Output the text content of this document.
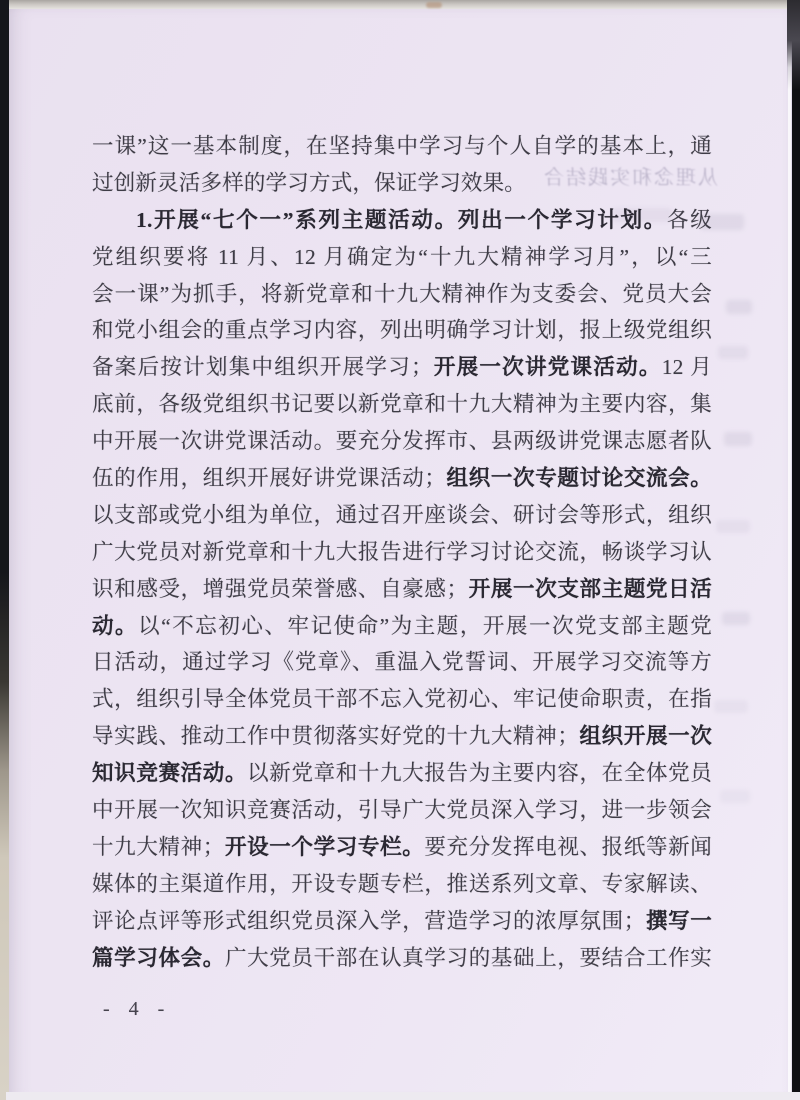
从理念和实践结合
一课”这一基本制度，在坚持集中学习与个人自学的基本上，通
过创新灵活多样的学习方式，保证学习效果。
1.开展“七个一”系列主题活动。列出一个学习计划。各级
党组织要将 11 月、12 月确定为“十九大精神学习月”，以“三
会一课”为抓手，将新党章和十九大精神作为支委会、党员大会
和党小组会的重点学习内容，列出明确学习计划，报上级党组织
备案后按计划集中组织开展学习；开展一次讲党课活动。12 月
底前，各级党组织书记要以新党章和十九大精神为主要内容，集
中开展一次讲党课活动。要充分发挥市、县两级讲党课志愿者队
伍的作用，组织开展好讲党课活动；组织一次专题讨论交流会。
以支部或党小组为单位，通过召开座谈会、研讨会等形式，组织
广大党员对新党章和十九大报告进行学习讨论交流，畅谈学习认
识和感受，增强党员荣誉感、自豪感；开展一次支部主题党日活
动。以“不忘初心、牢记使命”为主题，开展一次党支部主题党
日活动，通过学习《党章》、重温入党誓词、开展学习交流等方
式，组织引导全体党员干部不忘入党初心、牢记使命职责，在指
导实践、推动工作中贯彻落实好党的十九大精神；组织开展一次
知识竞赛活动。以新党章和十九大报告为主要内容，在全体党员
中开展一次知识竞赛活动，引导广大党员深入学习，进一步领会
十九大精神；开设一个学习专栏。要充分发挥电视、报纸等新闻
媒体的主渠道作用，开设专题专栏，推送系列文章、专家解读、
评论点评等形式组织党员深入学，营造学习的浓厚氛围；撰写一
篇学习体会。广大党员干部在认真学习的基础上，要结合工作实
- 4 -
